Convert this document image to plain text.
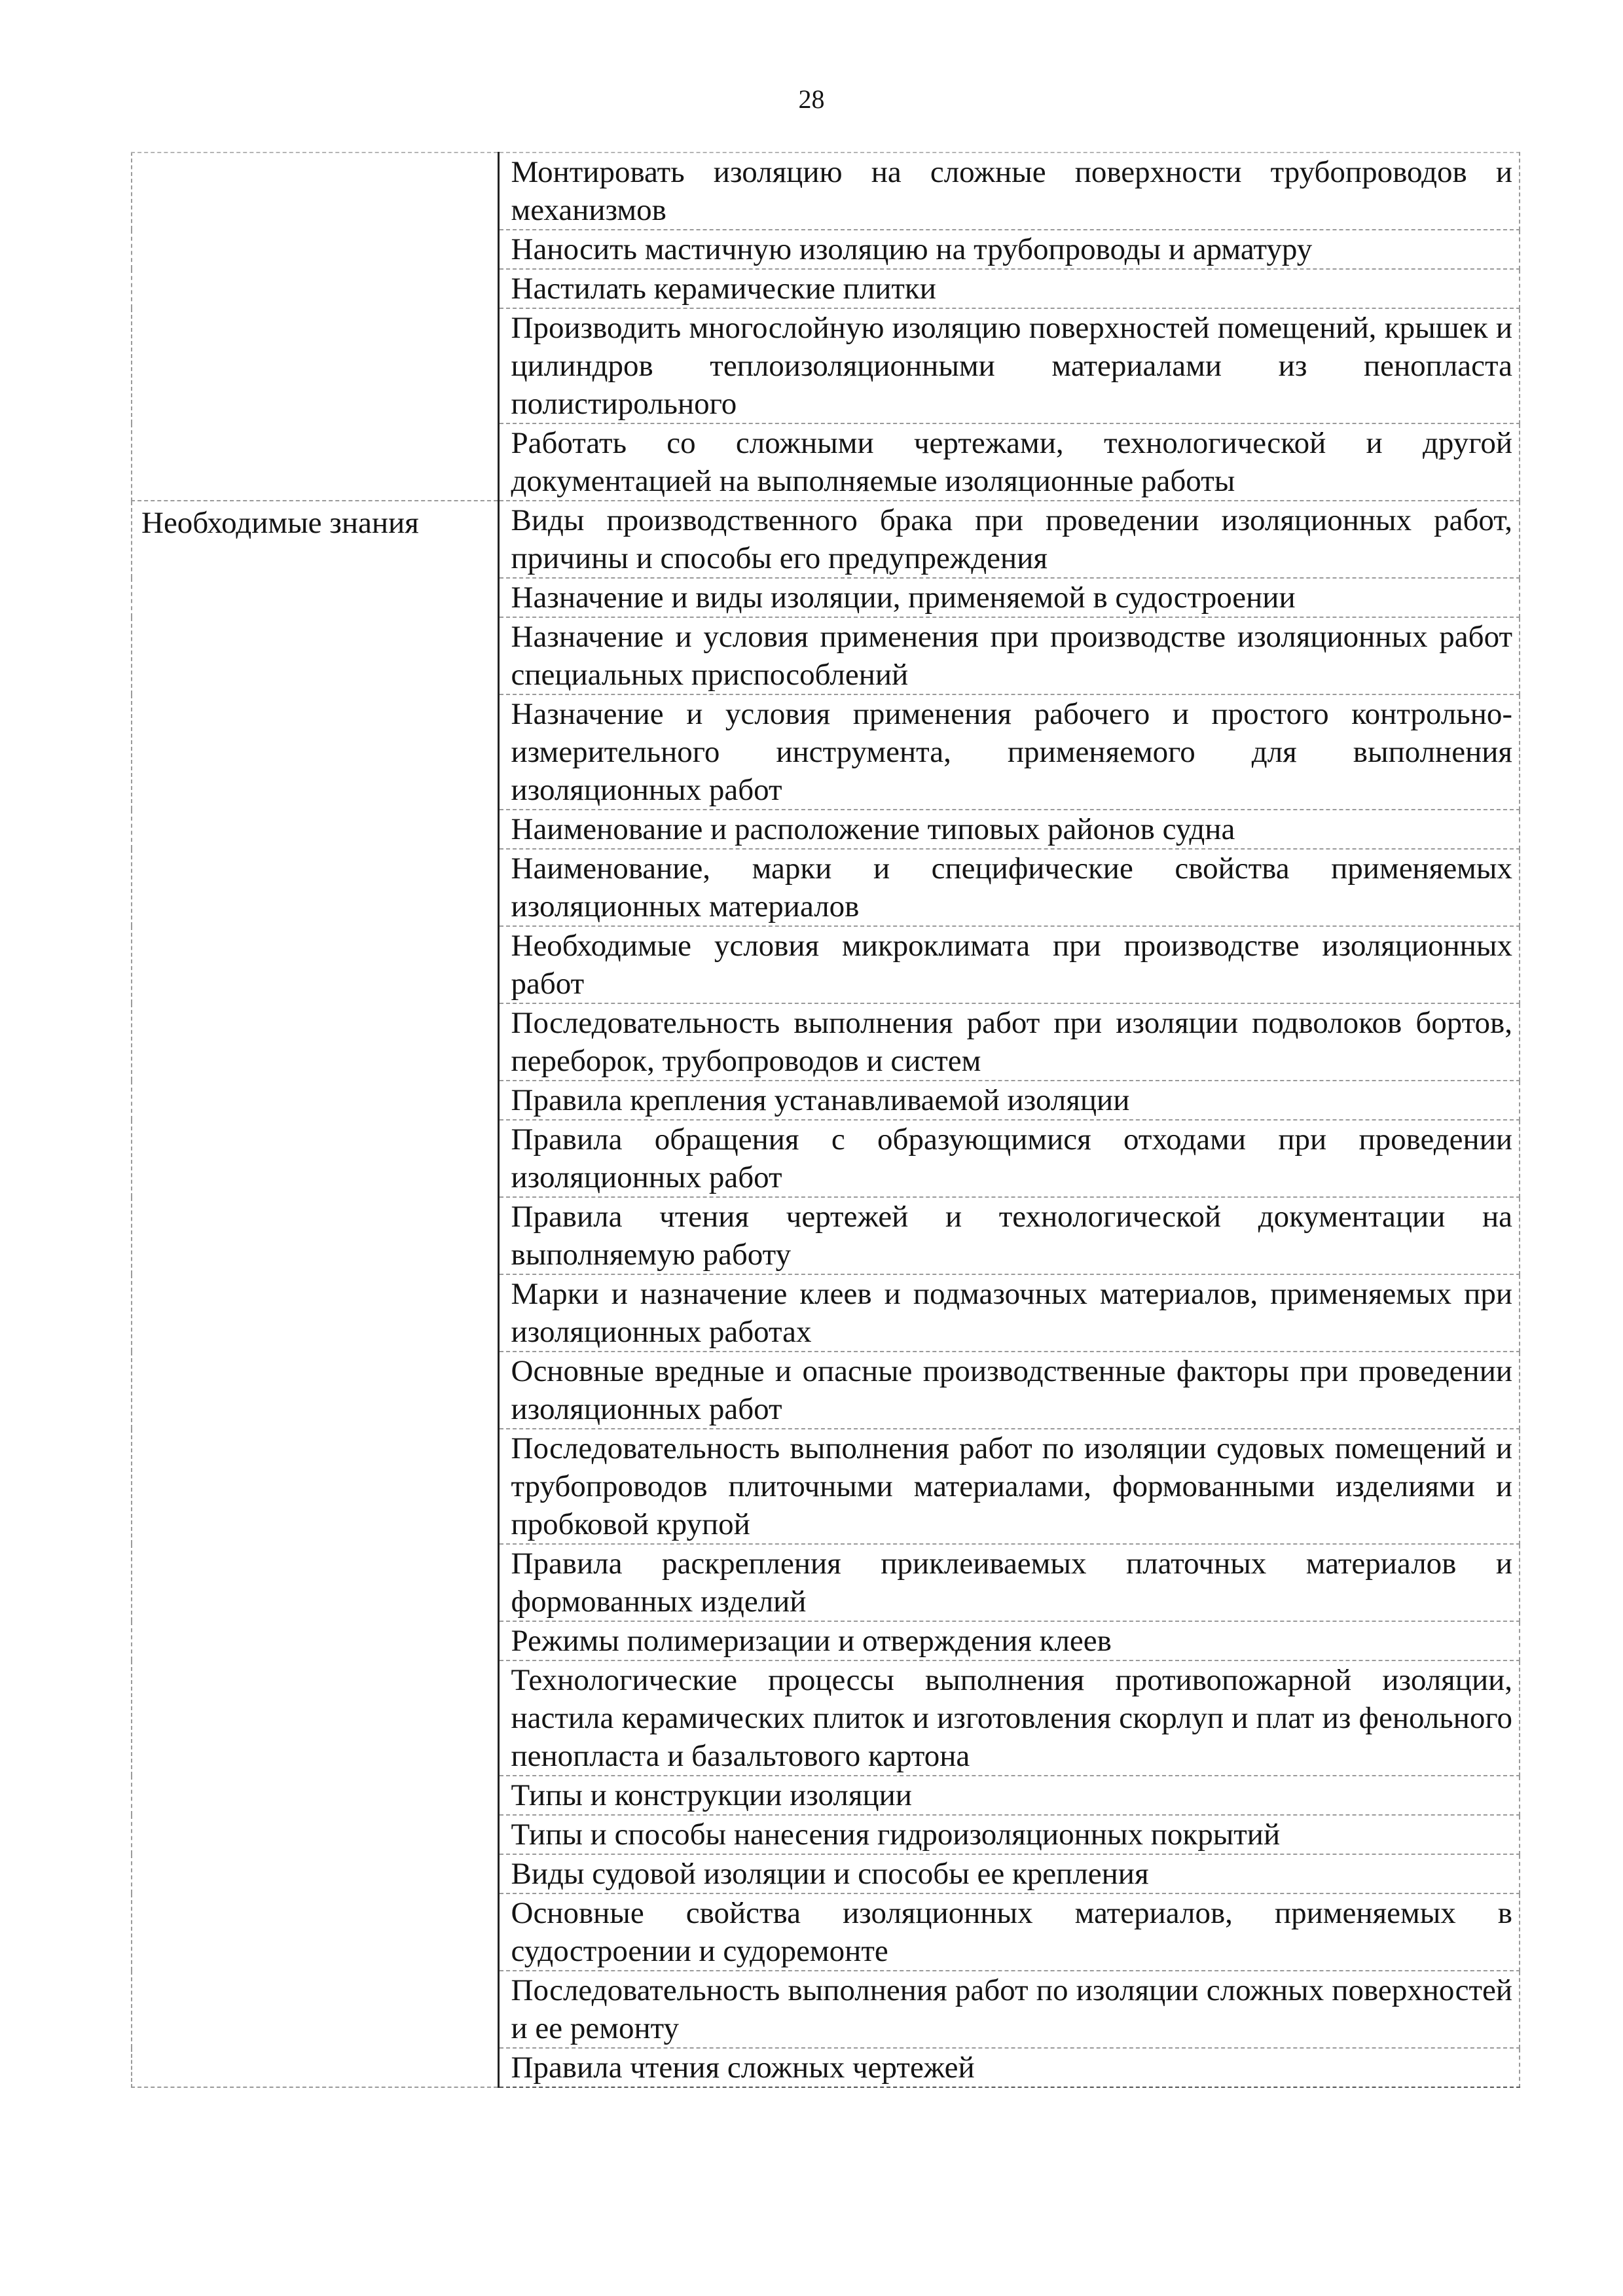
28

	Монтировать изоляцию на сложные поверхности трубопроводов и механизмов

	Наносить мастичную изоляцию на трубопроводы и арматуру

	Настилать керамические плитки

	Производить многослойную изоляцию поверхностей помещений, крышек и цилиндров теплоизоляционными материалами из пенопласта полистирольного

	Работать со сложными чертежами, технологической и другой документацией на выполняемые изоляционные работы

Необходимые знания	Виды производственного брака при проведении изоляционных работ, причины и способы его предупреждения

	Назначение и виды изоляции, применяемой в судостроении

	Назначение и условия применения при производстве изоляционных работ специальных приспособлений

	Назначение и условия применения рабочего и простого контрольно-измерительного инструмента, применяемого для выполнения изоляционных работ

	Наименование и расположение типовых районов судна

	Наименование, марки и специфические свойства применяемых изоляционных материалов

	Необходимые условия микроклимата при производстве изоляционных работ

	Последовательность выполнения работ при изоляции подволоков бортов, переборок, трубопроводов и систем

	Правила крепления устанавливаемой изоляции

	Правила обращения с образующимися отходами при проведении изоляционных работ

	Правила чтения чертежей и технологической документации на выполняемую работу

	Марки и назначение клеев и подмазочных материалов, применяемых при изоляционных работах

	Основные вредные и опасные производственные факторы при проведении изоляционных работ

	Последовательность выполнения работ по изоляции судовых помещений и трубопроводов плиточными материалами, формованными изделиями и пробковой крупой

	Правила раскрепления приклеиваемых платочных материалов и формованных изделий

	Режимы полимеризации и отверждения клеев

	Технологические процессы выполнения противопожарной изоляции, настила керамических плиток и изготовления скорлуп и плат из фенольного пенопласта и базальтового картона

	Типы и конструкции изоляции

	Типы и способы нанесения гидроизоляционных покрытий

	Виды судовой изоляции и способы ее крепления

	Основные свойства изоляционных материалов, применяемых в судостроении и судоремонте

	Последовательность выполнения работ по изоляции сложных поверхностей и ее ремонту

	Правила чтения сложных чертежей
